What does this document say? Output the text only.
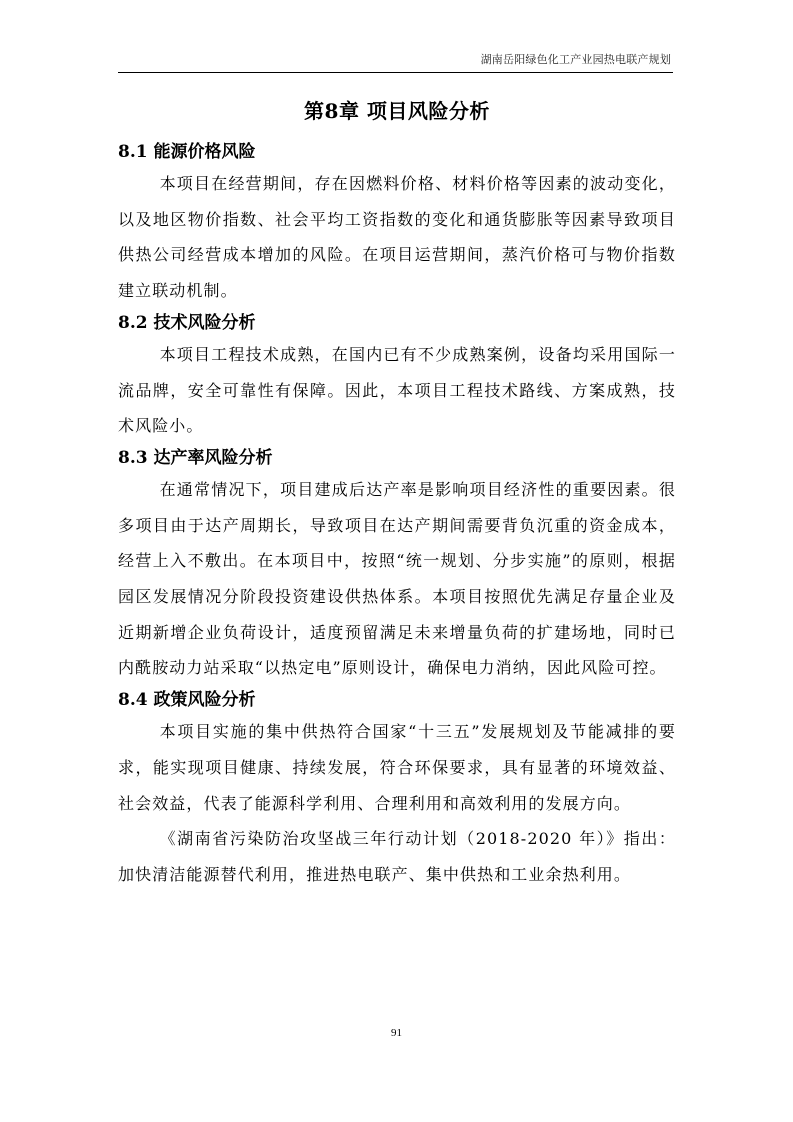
湖南岳阳绿色化工产业园热电联产规划
第8章 项目风险分析
8.1 能源价格风险

本项目在经营期间，存在因燃料价格、材料价格等因素的波动变化，以及地区物价指数、社会平均工资指数的变化和通货膨胀等因素导致项目供热公司经营成本增加的风险。在项目运营期间，蒸汽价格可与物价指数建立联动机制。

8.2 技术风险分析

本项目工程技术成熟，在国内已有不少成熟案例，设备均采用国际一流品牌，安全可靠性有保障。因此，本项目工程技术路线、方案成熟，技术风险小。

8.3 达产率风险分析

在通常情况下，项目建成后达产率是影响项目经济性的重要因素。很多项目由于达产周期长，导致项目在达产期间需要背负沉重的资金成本，经营上入不敷出。在本项目中，按照“统一规划、分步实施”的原则，根据园区发展情况分阶段投资建设供热体系。本项目按照优先满足存量企业及近期新增企业负荷设计，适度预留满足未来增量负荷的扩建场地，同时已内酰胺动力站采取“以热定电”原则设计，确保电力消纳，因此风险可控。

8.4 政策风险分析

本项目实施的集中供热符合国家“十三五”发展规划及节能减排的要求，能实现项目健康、持续发展，符合环保要求，具有显著的环境效益、社会效益，代表了能源科学利用、合理利用和高效利用的发展方向。

《湖南省污染防治攻坚战三年行动计划（2018-2020 年）》指出：加快清洁能源替代利用，推进热电联产、集中供热和工业余热利用。

91
